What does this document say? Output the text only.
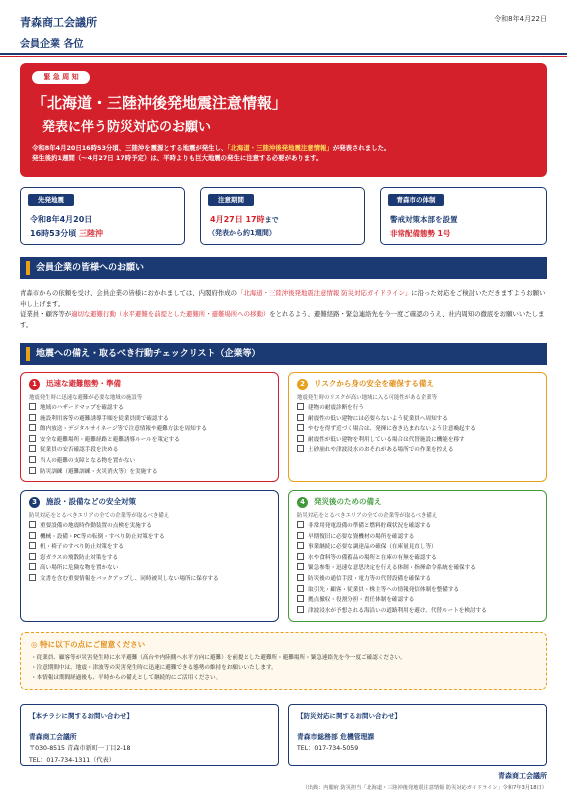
青森商工会議所	令和8年4月22日
会員企業 各位
緊 急 周 知
「北海道・三陸沖後発地震注意情報」
発表に伴う防災対応のお願い
令和8年4月20日16時53分頃、三陸沖を震源とする地震が発生し、「北海道・三陸沖後発地震注意情報」が発表されました。
発生後約1週間（〜4月27日 17時予定）は、平時よりも巨大地震の発生に注意する必要があります。
先発地震
令和8年4月20日
16時53分頃 三陸沖
注意期間
4月27日 17時まで
（発表から約1週間）
青森市の体制
警戒対策本部を設置
非常配備態勢 1号
会員企業の皆様へのお願い
青森市からの依頼を受け、会員企業の皆様におかれましては、内閣府作成の「北海道・三陸沖後発地震注意情報 防災対応ガイドライン」に沿った対応をご検討いただきますようお願い申し上げます。
従業員・顧客等が適切な避難行動（水平避難を前提とした避難所・避難場所への移動）をとれるよう、避難経路・緊急連絡先を今一度ご確認のうえ、社内周知の徹底をお願いいたします。
地震への備え・取るべき行動チェックリスト（企業等）
1	迅速な避難態勢・準備
地震発生時に迅速な避難が必要な地域の施設等
地域のハザードマップを確認する
施設利用客等の避難誘導手順を従業員間で確認する
館内放送・デジタルサイネージ等で注意情報や避難方法を周知する
安全な避難場所・避難経路と避難誘導ルールを策定する
従業員の安否確認手段を決める
当人の避難の支障となる物を置かない
防災訓練（避難訓練・火災消火等）を実施する
2	リスクから身の安全を確保する備え
地震発生時のリスクが高い地域に入る可能性がある企業等
建物の耐震診断を行う
耐震性の低い建物には必要らないよう従業員へ周知する
やむを得ず近づく場合は、発揮に巻き込まれないよう注意喚起する
耐震性が低い建物を利用している場合は代替施設に機能を移す
土砂崩れや津波浸水のおそれがある場所での作業を控える
3	施設・設備などの安全対策
防災対応をとるべきエリアの全ての企業等が取るべき備え
重要設備の地震時作動装置の点検を実施する
機械・設備・PC等の転倒・すべり防止対策をする
机・椅子のすべり防止対策をする
窓ガラスの飛散防止対策をする
高い場所に危険な物を置かない
文書を含む重要情報をバックアップし、同時被災しない場所に保存する
4	発災後のための備え
防災対応をとるべきエリアの全ての企業等が取るべき備え
非常用発電設備の準備と燃料貯蔵状況を確認する
早期復旧に必要な資機材の場所を確認する
事業継続に必要な調達品の確保（在庫量見直し等）
水や食料等の備蓄品の場所と在庫の有無を確認する
緊急参集・迅速な意思決定を行える体制・指揮命令系統を確保する
防災後の通信手段・電力等の代替設備を確保する
取引先・顧客・従業員・株主等への情報発信体制を整備する
拠点撤収・役割分担・責任体制を確認する
津波浸水が予想される海沿いの道路利用を避け、代替ルートを検討する
◎ 特に以下の点にご留意ください
・従業員、顧客等が災害発生時に水平避難（高台や内陸側へ水平方向に避難）を前提とした避難所・避難場所・緊急連絡先を今一度ご確認ください。
・注意期間中は、地震・津波等の災害発生時に迅速に避難できる態勢の維持をお願いいたします。
・本情報は期間経過後も、平時からの備えとして継続的にご活用ください。
【本チラシに関するお問い合わせ】
青森商工会議所
〒030-8515 青森市新町一丁目2-18
TEL：017-734-1311（代表）
【防災対応に関するお問い合わせ】
青森市総務部 危機管理課
TEL：017-734-5059
青森商工会議所
（出典：内閣府 防災担当「北海道・三陸沖後発地震注意情報 防災対応ガイドライン」令和7年3月18日）
